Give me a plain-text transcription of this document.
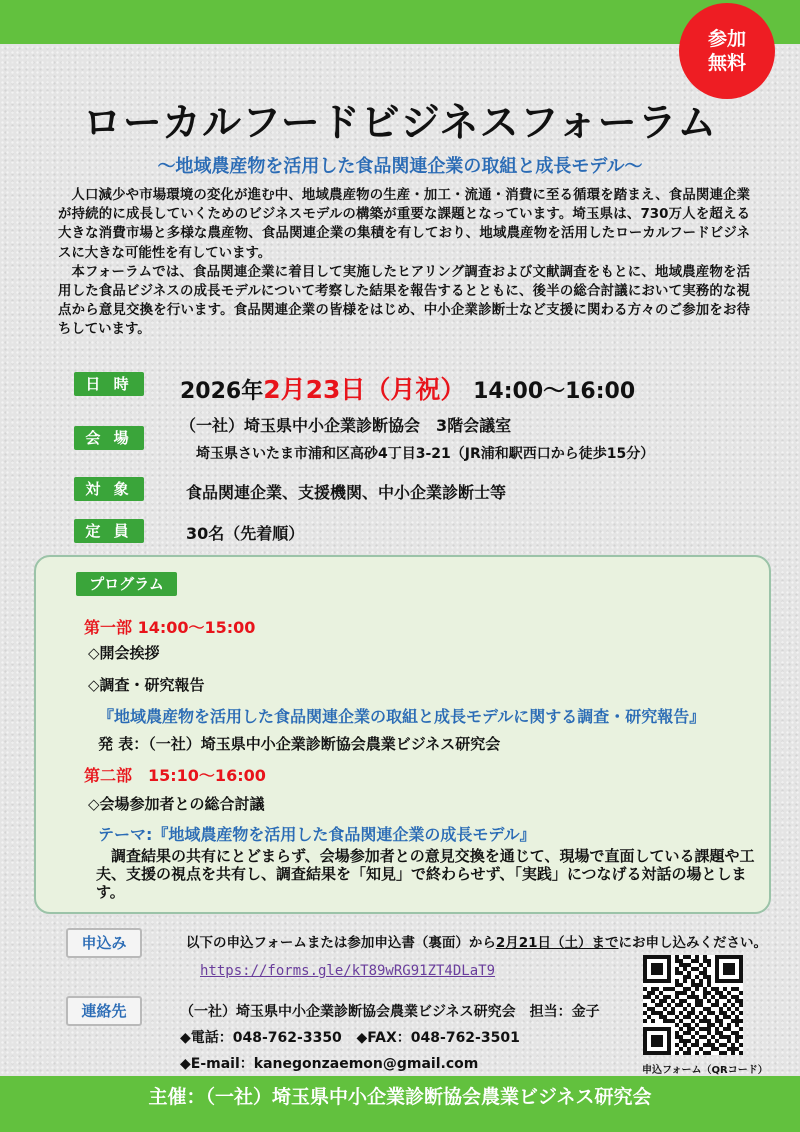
参加
無料
ローカルフードビジネスフォーラム
～地域農産物を活用した食品関連企業の取組と成長モデル～

人口減少や市場環境の変化が進む中、地域農産物の生産・加工・流通・消費に至る循環を踏まえ、食品関連企業が持続的に成長していくためのビジネスモデルの構築が重要な課題となっています。埼玉県は、730万人を超える大きな消費市場と多様な農産物、食品関連企業の集積を有しており、地域農産物を活用したローカルフードビジネスに大きな可能性を有しています。

本フォーラムでは、食品関連企業に着目して実施したヒアリング調査および文献調査をもとに、地域農産物を活用した食品ビジネスの成長モデルについて考察した結果を報告するとともに、後半の総合討議において実務的な視点から意見交換を行います。食品関連企業の皆様をはじめ、中小企業診断士など支援に関わる方々のご参加をお待ちしています。

日 時	2026年2月23日（月祝） 14:00～16:00
会 場
（一社）埼玉県中小企業診断協会　3階会議室
埼玉県さいたま市浦和区高砂4丁目3-21（JR浦和駅西口から徒歩15分）
対 象	食品関連企業、支援機関、中小企業診断士等
定 員	30名（先着順）
プログラム
第一部 14:00～15:00
◇開会挨拶
◇調査・研究報告
『地域農産物を活用した食品関連企業の取組と成長モデルに関する調査・研究報告』
発 表：（一社）埼玉県中小企業診断協会農業ビジネス研究会
第二部　15:10～16:00
◇会場参加者との総合討議
テーマ:『地域農産物を活用した食品関連企業の成長モデル』

調査結果の共有にとどまらず、会場参加者との意見交換を通じて、現場で直面している課題や工夫、支援の視点を共有し、調査結果を「知見」で終わらせず、「実践」につなげる対話の場とします。

申込み	以下の申込フォームまたは参加申込書（裏面）から2月21日（土）までにお申し込みください。
https://forms.gle/kT89wRG91ZT4DLaT9
連絡先	（一社）埼玉県中小企業診断協会農業ビジネス研究会　担当：金子
◆電話：048-762-3350 ◆FAX：048-762-3501
◆E-mail：kanegonzaemon@gmail.com	申込フォーム（QRコード）
主催：（一社）埼玉県中小企業診断協会農業ビジネス研究会
